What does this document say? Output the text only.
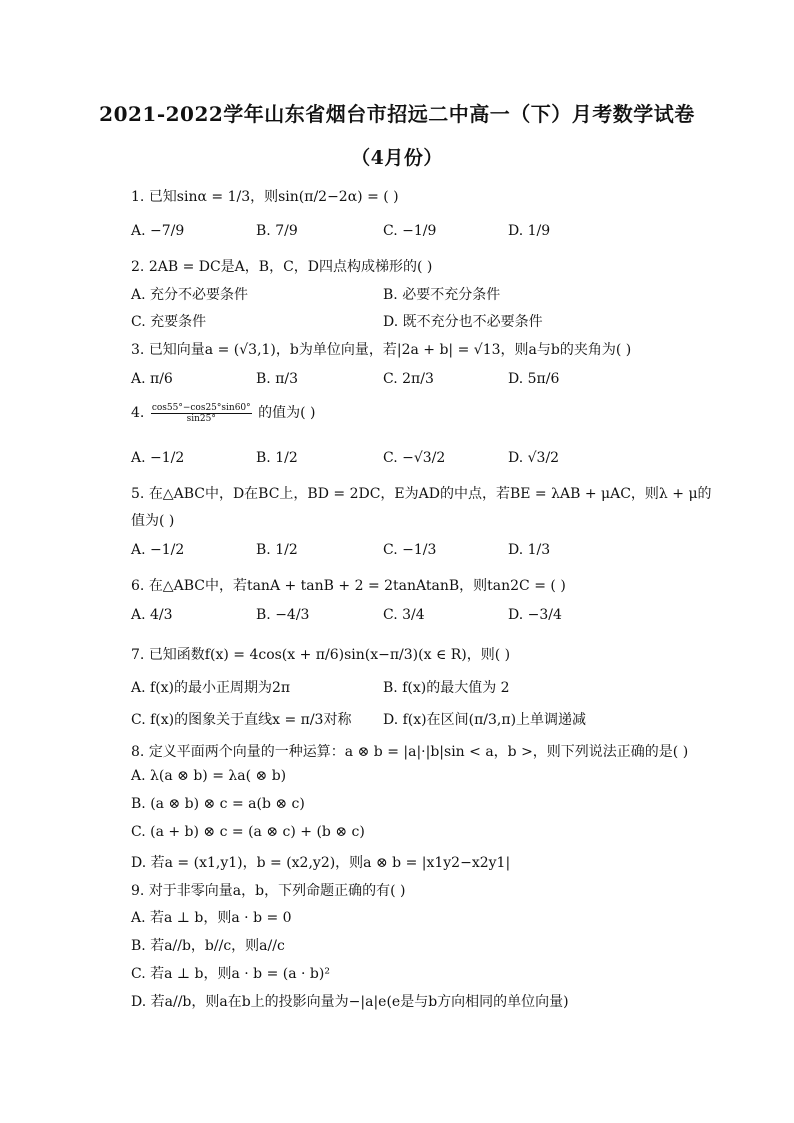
2021-2022学年山东省烟台市招远二中高一（下）月考数学试卷
（4月份）
1. 已知sinα = 1/3，则sin(π/2−2α) = ( )
A. −7/9	B. 7/9	C. −1/9	D. 1/9
2. 2AB = DC是A，B，C，D四点构成梯形的( )
A. 充分不必要条件	B. 必要不充分条件
C. 充要条件	D. 既不充分也不必要条件
3. 已知向量a = (√3,1)，b为单位向量，若|2a + b| = √13，则a与b的夹角为( )
A. π/6	B. π/3	C. 2π/3	D. 5π/6
4. $\frac{\cos 55^\circ-\cos 25^\circ\sin 60^\circ}{\sin 25^\circ}$ 的值为( )
A. −1/2	B. 1/2	C. −√3/2	D. √3/2
5. 在△ABC中，D在BC上，BD = 2DC，E为AD的中点，若BE = λAB + μAC，则λ + μ的
值为( )
A. −1/2	B. 1/2	C. −1/3	D. 1/3
6. 在△ABC中，若tanA + tanB + 2 = 2tanAtanB，则tan2C = ( )
A. 4/3	B. −4/3	C. 3/4	D. −3/4
7. 已知函数f(x) = 4cos(x + π/6)sin(x−π/3)(x ∈ R)，则( )
A. f(x)的最小正周期为2π	B. f(x)的最大值为 2
C. f(x)的图象关于直线x = π/3对称 D. f(x)在区间(π/3,π)上单调递减
8. 定义平面两个向量的一种运算：a ⊗ b = |a|·|b|sin < a，b >，则下列说法正确的是( )
A. λ(a ⊗ b) = λa( ⊗ b)
B. (a ⊗ b) ⊗ c = a(b ⊗ c)
C. (a + b) ⊗ c = (a ⊗ c) + (b ⊗ c)
D. 若a = (x1,y1)，b = (x2,y2)，则a ⊗ b = |x1y2−x2y1|
9. 对于非零向量a，b，下列命题正确的有( )
A. 若a ⊥ b，则a · b = 0
B. 若a//b，b//c，则a//c
C. 若a ⊥ b，则a · b = (a · b)²
D. 若a//b，则a在b上的投影向量为−|a|e(e是与b方向相同的单位向量)
